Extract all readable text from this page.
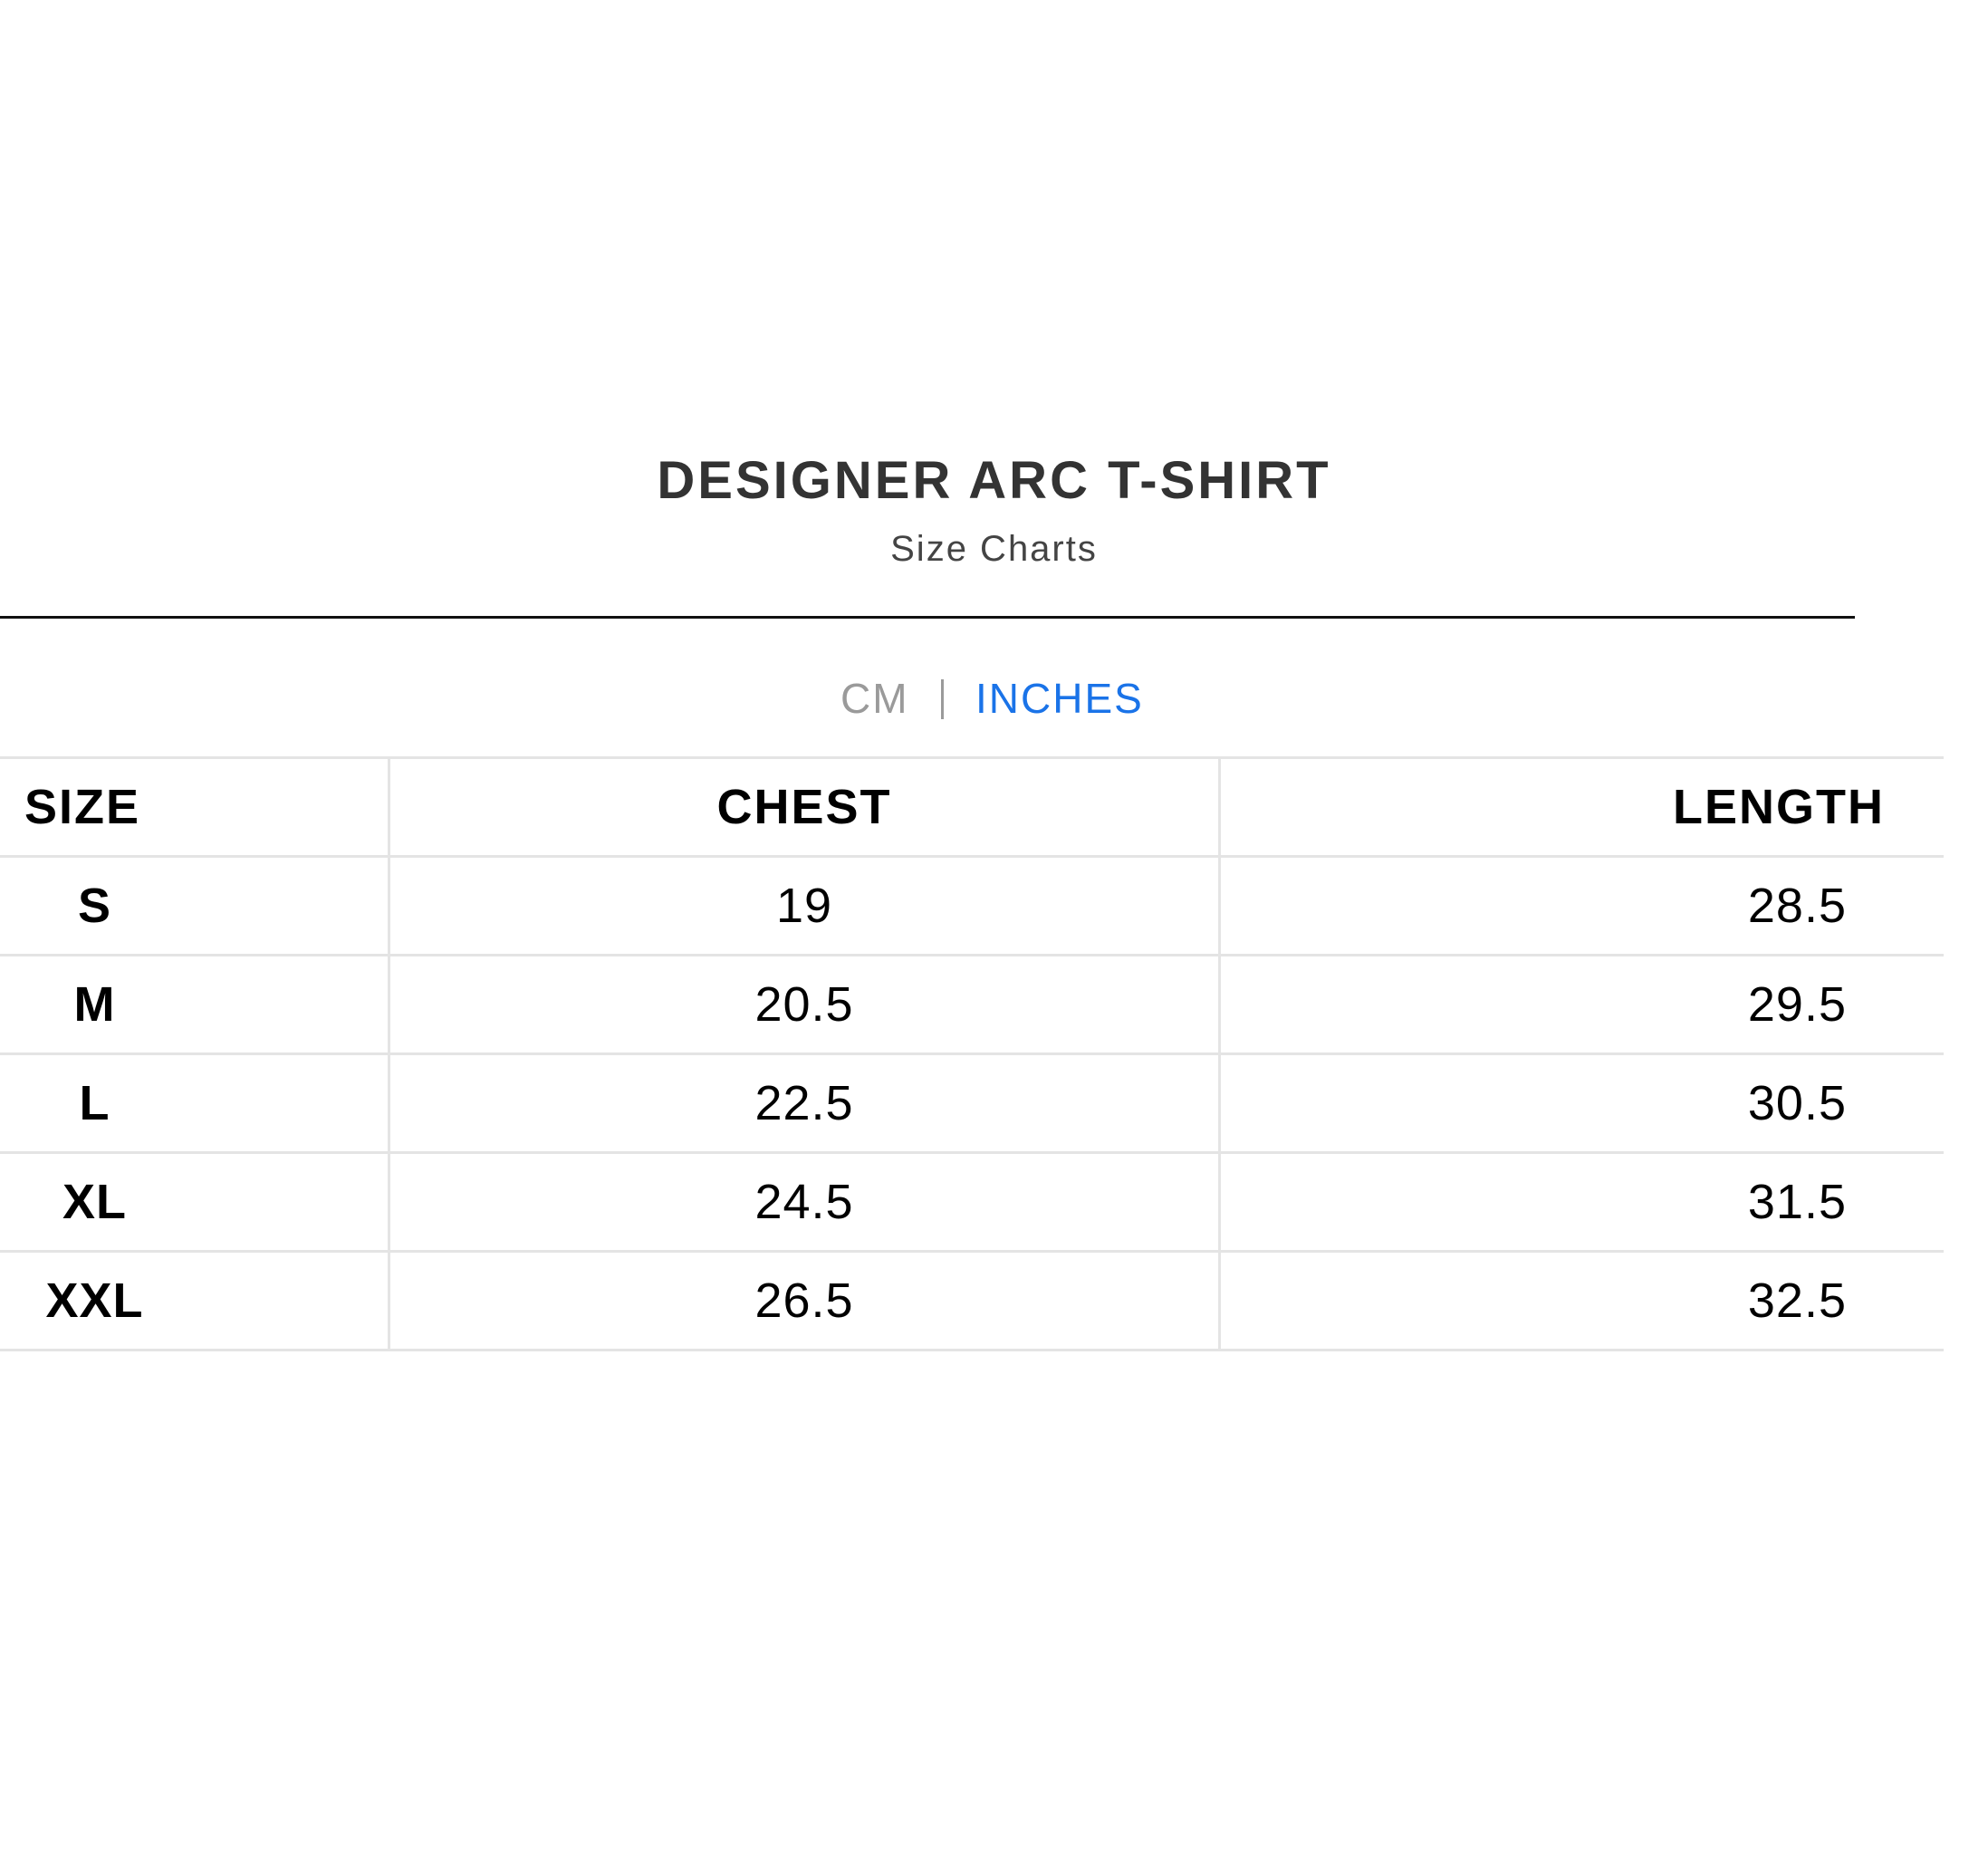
DESIGNER ARC T-SHIRT
Size Charts
CM INCHES
SIZE	CHEST	LENGTH
S	19	28.5
M	20.5	29.5
L	22.5	30.5
XL	24.5	31.5
XXL	26.5	32.5
